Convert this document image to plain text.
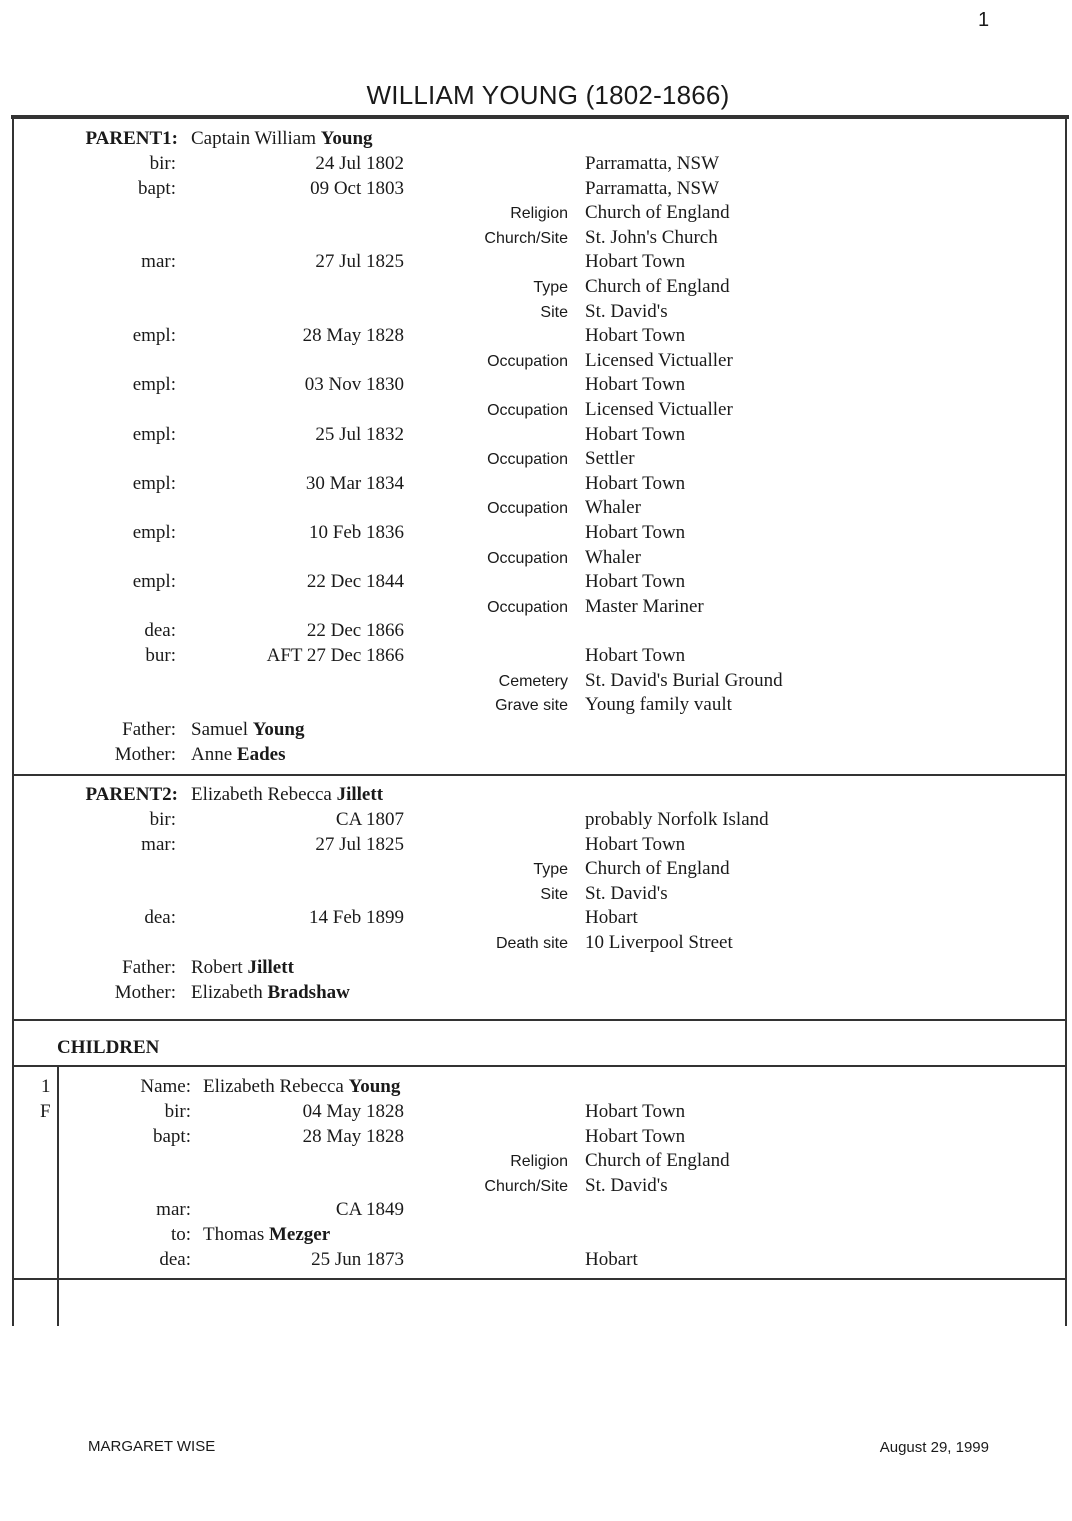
1
WILLIAM YOUNG (1802-1866)
PARENT1: Captain William Young
bir:	24 Jul 1802	Parramatta, NSW
bapt:	09 Oct 1803	Parramatta, NSW
Religion Church of England
Church/Site St. John's Church
mar:	27 Jul 1825	Hobart Town
Type Church of England
Site St. David's
empl:	28 May 1828	Hobart Town
Occupation Licensed Victualler
empl:	03 Nov 1830	Hobart Town
Occupation Licensed Victualler
empl:	25 Jul 1832	Hobart Town
Occupation Settler
empl:	30 Mar 1834	Hobart Town
Occupation Whaler
empl:	10 Feb 1836	Hobart Town
Occupation Whaler
empl:	22 Dec 1844	Hobart Town
Occupation Master Mariner
dea:	22 Dec 1866
bur:	AFT 27 Dec 1866	Hobart Town
Cemetery St. David's Burial Ground
Grave site Young family vault
Father: Samuel Young
Mother: Anne Eades
PARENT2: Elizabeth Rebecca Jillett
bir:	CA 1807	probably Norfolk Island
mar:	27 Jul 1825	Hobart Town
Type Church of England
Site St. David's
dea:	14 Feb 1899	Hobart
Death site 10 Liverpool Street
Father: Robert Jillett
Mother: Elizabeth Bradshaw
CHILDREN
1
F
Name: Elizabeth Rebecca Young
bir:	04 May 1828	Hobart Town
bapt:	28 May 1828	Hobart Town
Religion Church of England
Church/Site St. David's
mar:	CA 1849
to: Thomas Mezger
dea:	25 Jun 1873	Hobart
MARGARET WISE	August 29, 1999
